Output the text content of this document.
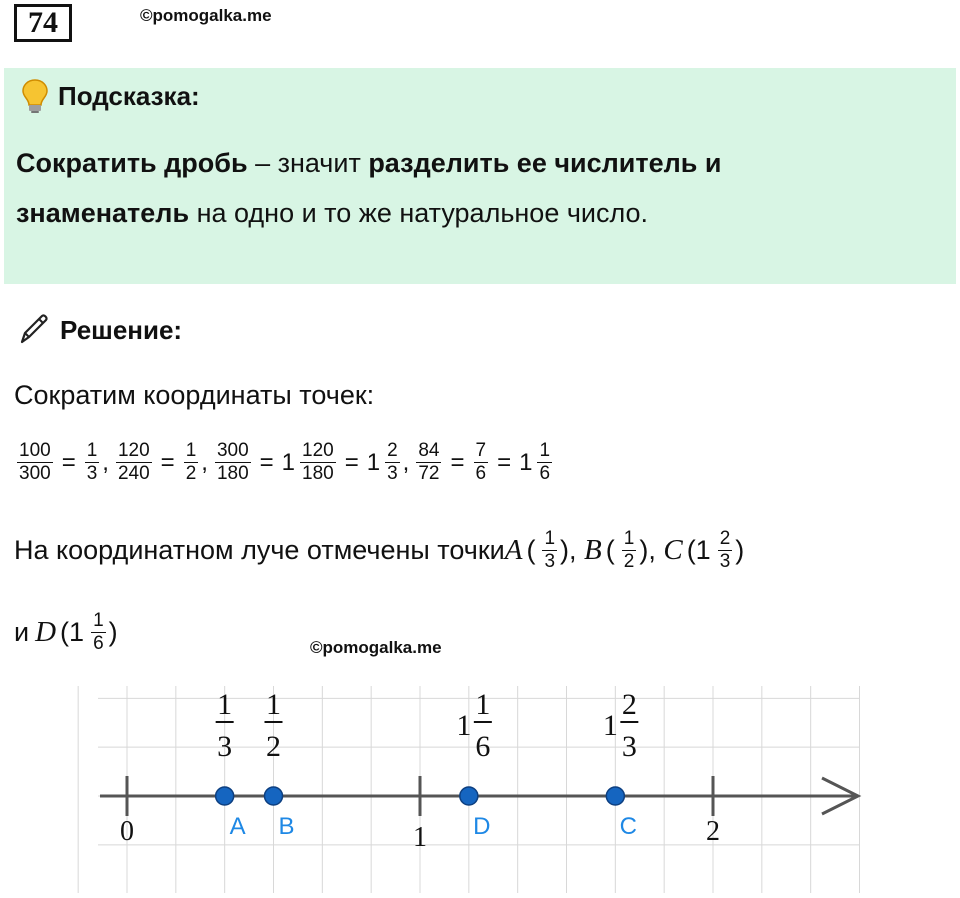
74	©pomogalka.me
Подсказка:
Сократить дробь – значит разделить ее числитель и
знаменатель на одно и то же натуральное число.
Решение:
Сократим координаты точек:
$\frac{100}{300} = \frac{1}{3}$ , $\frac{120}{240} = \frac{1}{2}$ , $\frac{300}{180} = 1 \frac{120}{180} = 1 \frac{2}{3}$ , $\frac{84}{72} = \frac{7}{6} = 1 \frac{1}{6}$
На координатном луче отмечены точки A ( 1
3 ), B ( 1
2 ), C (1 2
3 )
и D (1 1
6 )
©pomogalka.me
0	1	2
A
1
3
B
1
2
D
1
6
1
C
2
3
1
